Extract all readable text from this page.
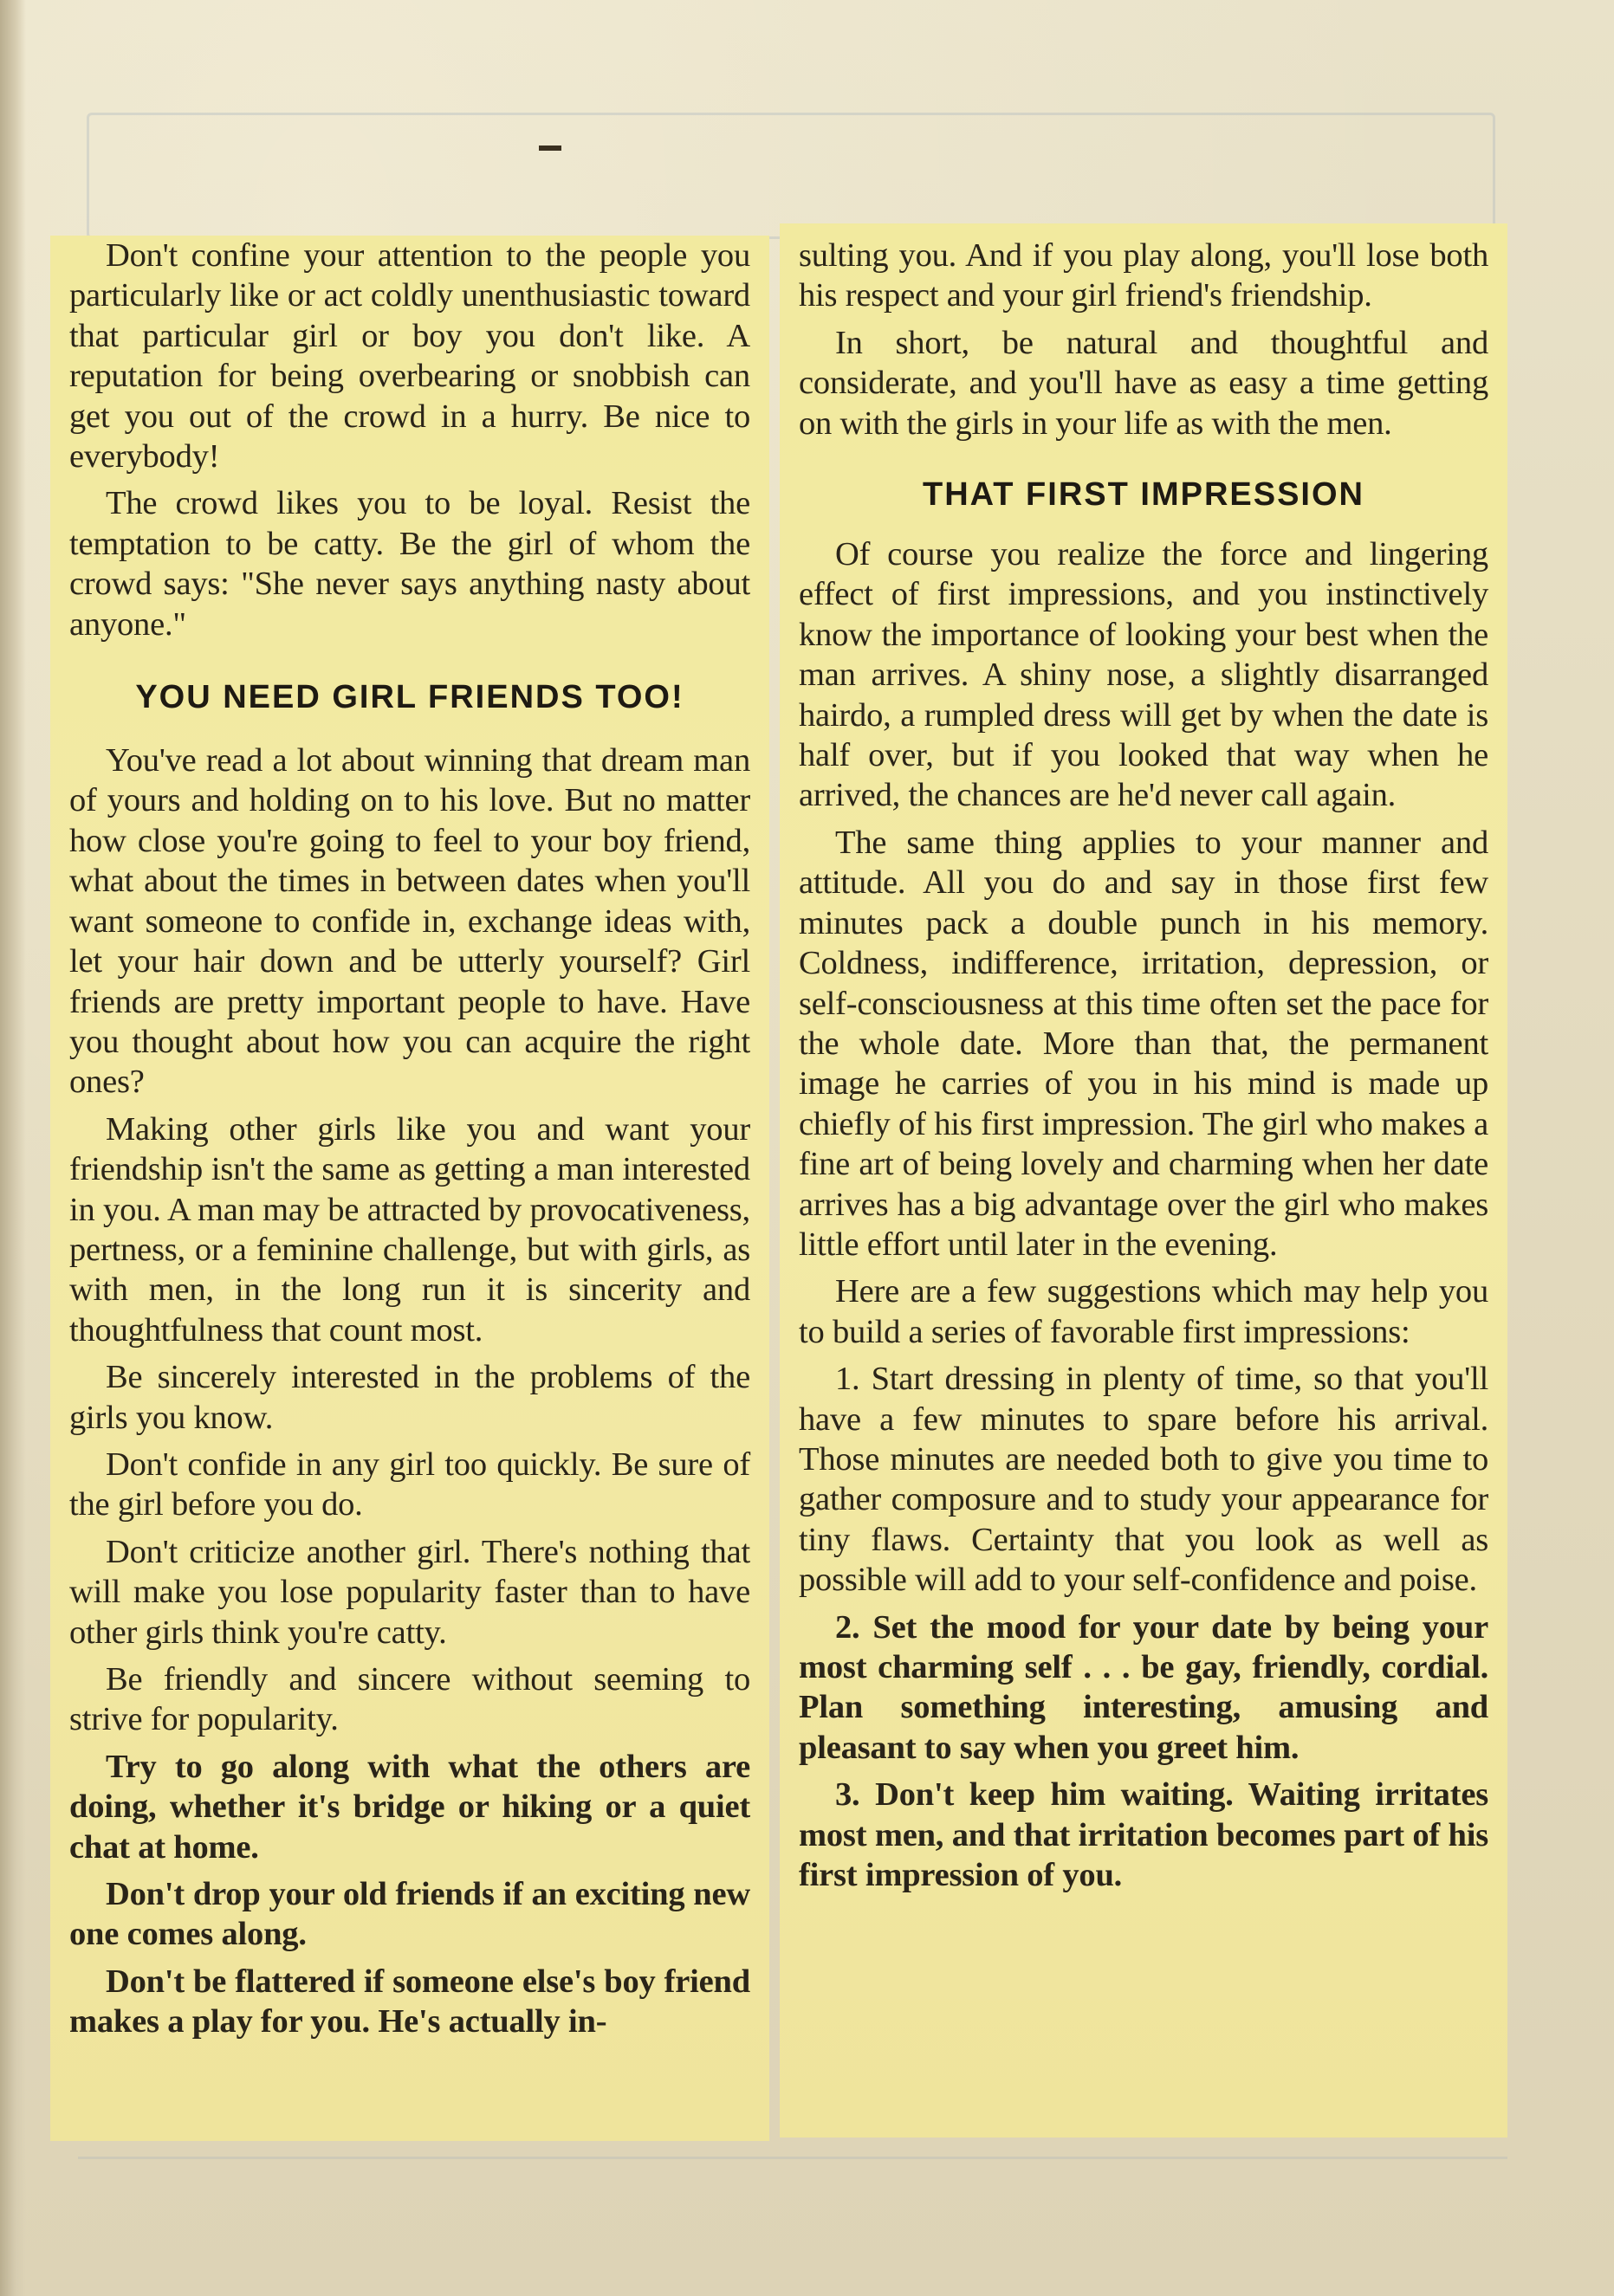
Don't confine your attention to the people you particularly like or act coldly unenthusiastic toward that particular girl or boy you don't like. A reputation for being overbearing or snobbish can get you out of the crowd in a hurry. Be nice to everybody!

The crowd likes you to be loyal. Resist the temptation to be catty. Be the girl of whom the crowd says: "She never says anything nasty about anyone."

YOU NEED GIRL FRIENDS TOO!

You've read a lot about winning that dream man of yours and holding on to his love. But no matter how close you're going to feel to your boy friend, what about the times in between dates when you'll want someone to confide in, exchange ideas with, let your hair down and be utterly yourself? Girl friends are pretty important people to have. Have you thought about how you can acquire the right ones?

Making other girls like you and want your friendship isn't the same as getting a man interested in you. A man may be attracted by provocativeness, pertness, or a feminine challenge, but with girls, as with men, in the long run it is sincerity and thoughtfulness that count most.

Be sincerely interested in the problems of the girls you know.

Don't confide in any girl too quickly. Be sure of the girl before you do.

Don't criticize another girl. There's nothing that will make you lose popularity faster than to have other girls think you're catty.

Be friendly and sincere without seeming to strive for popularity.

Try to go along with what the others are doing, whether it's bridge or hiking or a quiet chat at home.

Don't drop your old friends if an exciting new one comes along.

Don't be flattered if someone else's boy friend makes a play for you. He's actually in-

sulting you. And if you play along, you'll lose both his respect and your girl friend's friendship.

In short, be natural and thoughtful and considerate, and you'll have as easy a time getting on with the girls in your life as with the men.

THAT FIRST IMPRESSION

Of course you realize the force and lingering effect of first impressions, and you instinctively know the importance of looking your best when the man arrives. A shiny nose, a slightly disarranged hairdo, a rumpled dress will get by when the date is half over, but if you looked that way when he arrived, the chances are he'd never call again.

The same thing applies to your manner and attitude. All you do and say in those first few minutes pack a double punch in his memory. Coldness, indifference, irritation, depression, or self-consciousness at this time often set the pace for the whole date. More than that, the permanent image he carries of you in his mind is made up chiefly of his first impression. The girl who makes a fine art of being lovely and charming when her date arrives has a big advantage over the girl who makes little effort until later in the evening.

Here are a few suggestions which may help you to build a series of favorable first impressions:

1. Start dressing in plenty of time, so that you'll have a few minutes to spare before his arrival. Those minutes are needed both to give you time to gather composure and to study your appearance for tiny flaws. Certainty that you look as well as possible will add to your self-confidence and poise.

2. Set the mood for your date by being your most charming self . . . be gay, friendly, cordial. Plan something interesting, amusing and pleasant to say when you greet him.

3. Don't keep him waiting. Waiting irritates most men, and that irritation becomes part of his first impression of you.
